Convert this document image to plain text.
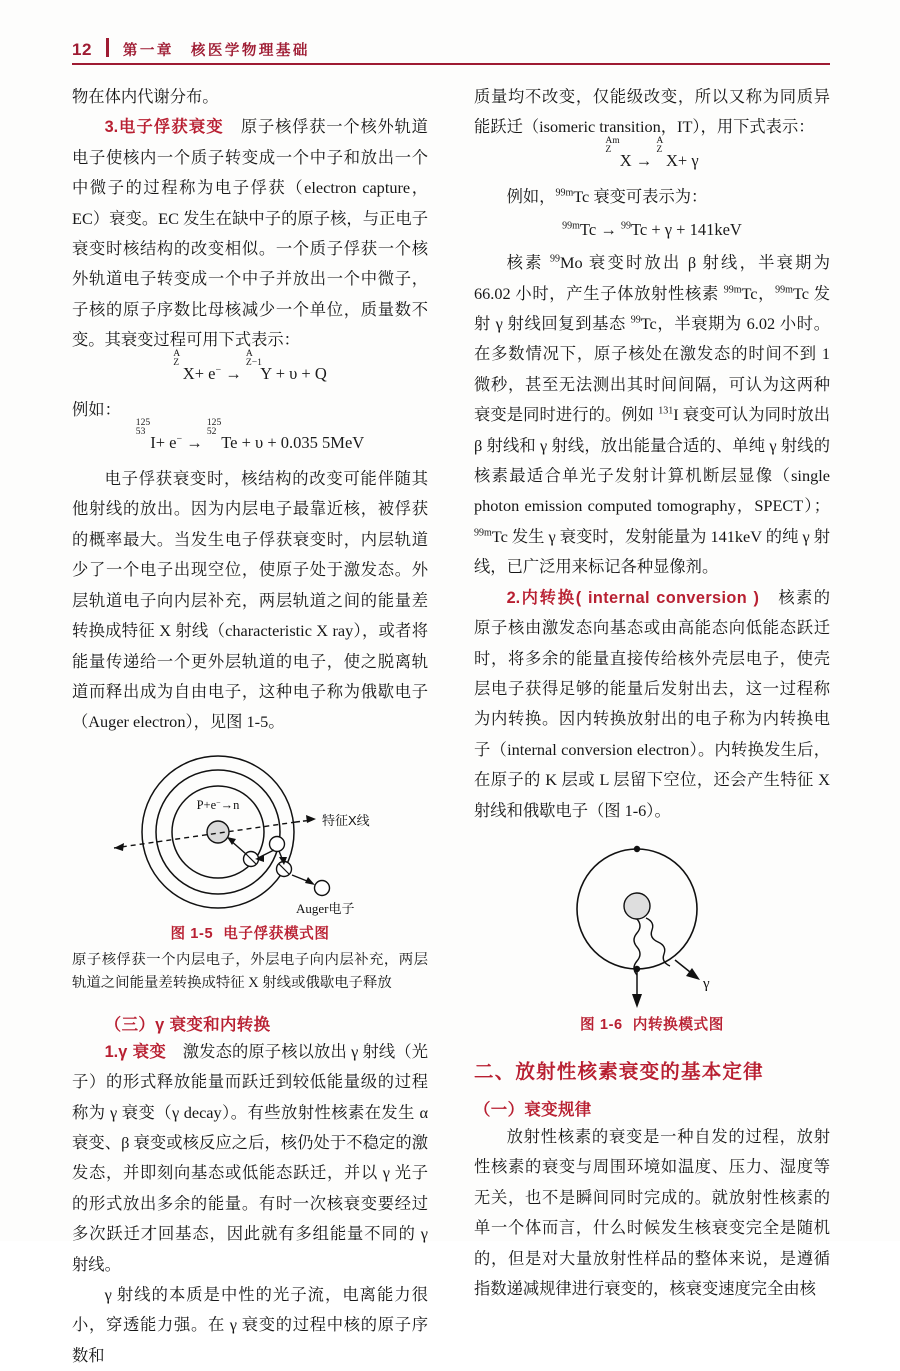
12 第一章　核医学物理基础

物在体内代谢分布。

3.电子俘获衰变　 原子核俘获一个核外轨道电子使核内一个质子转变成一个中子和放出一个中微子的过程称为电子俘获（electron capture，EC）衰变。EC 发生在缺中子的原子核，与正电子衰变时核结构的改变相似。一个质子俘获一个核外轨道电子转变成一个中子并放出一个中微子，子核的原子序数比母核减少一个单位，质量数不变。其衰变过程可用下式表示：

A
Z
X+ e− →
A
Z−1
Y + υ + Q

例如：

125
53
I+ e− →
125
52
Te + υ + 0.035 5MeV

电子俘获衰变时，核结构的改变可能伴随其他射线的放出。因为内层电子最靠近核，被俘获的概率最大。当发生电子俘获衰变时，内层轨道少了一个电子出现空位，使原子处于激发态。外层轨道电子向内层补充，两层轨道之间的能量差转换成特征 X 射线（characteristic X ray），或者将能量传递给一个更外层轨道的电子，使之脱离轨道而释出成为自由电子，这种电子称为俄歇电子（Auger electron），见图 1-5。

P+e−→n
特征X线
Auger电子
图 1-5 电子俘获模式图

原子核俘获一个内层电子，外层电子向内层补充，两层轨道之间能量差转换成特征 X 射线或俄歇电子释放

（三）γ 衰变和内转换

1.γ 衰变　 激发态的原子核以放出 γ 射线（光子）的形式释放能量而跃迁到较低能量级的过程称为 γ 衰变（γ decay）。有些放射性核素在发生 α 衰变、β 衰变或核反应之后，核仍处于不稳定的激发态，并即刻向基态或低能态跃迁，并以 γ 光子的形式放出多余的能量。有时一次核衰变要经过多次跃迁才回基态，因此就有多组能量不同的 γ 射线。

γ 射线的本质是中性的光子流，电离能力很小，穿透能力强。在 γ 衰变的过程中核的原子序数和

质量均不改变，仅能级改变，所以又称为同质异能跃迁（isomeric transition，IT），用下式表示：

Am
Z
X →
A
Z
X+ γ

例如，$^{99m}$Tc 衰变可表示为：

$^{99m}$Tc → $^{99}$Tc + γ + 141keV

核素 $^{99}$Mo 衰变时放出 β 射线，半衰期为 66.02 小时，产生子体放射性核素 $^{99m}$Tc，$^{99m}$Tc 发射 γ 射线回复到基态 $^{99}$Tc，半衰期为 6.02 小时。在多数情况下，原子核处在激发态的时间不到 1 微秒，甚至无法测出其时间间隔，可认为这两种衰变是同时进行的。例如 $^{131}$I 衰变可认为同时放出 β 射线和 γ 射线，放出能量合适的、单纯 γ 射线的核素最适合单光子发射计算机断层显像（single photon emission computed tomography，SPECT）；$^{99m}$Tc 发生 γ 衰变时，发射能量为 141keV 的纯 γ 射线，已广泛用来标记各种显像剂。

2.内转换( internal conversion )　 核素的原子核由激发态向基态或由高能态向低能态跃迁时，将多余的能量直接传给核外壳层电子，使壳层电子获得足够的能量后发射出去，这一过程称为内转换。因内转换放射出的电子称为内转换电子（internal conversion electron）。内转换发生后，在原子的 K 层或 L 层留下空位，还会产生特征 X 射线和俄歇电子（图 1-6）。

γ
图 1-6 内转换模式图
二、放射性核素衰变的基本定律
（一）衰变规律

放射性核素的衰变是一种自发的过程，放射性核素的衰变与周围环境如温度、压力、湿度等无关，也不是瞬间同时完成的。就放射性核素的单一个体而言，什么时候发生核衰变完全是随机的，但是对大量放射性样品的整体来说，是遵循指数递减规律进行衰变的，核衰变速度完全由核
